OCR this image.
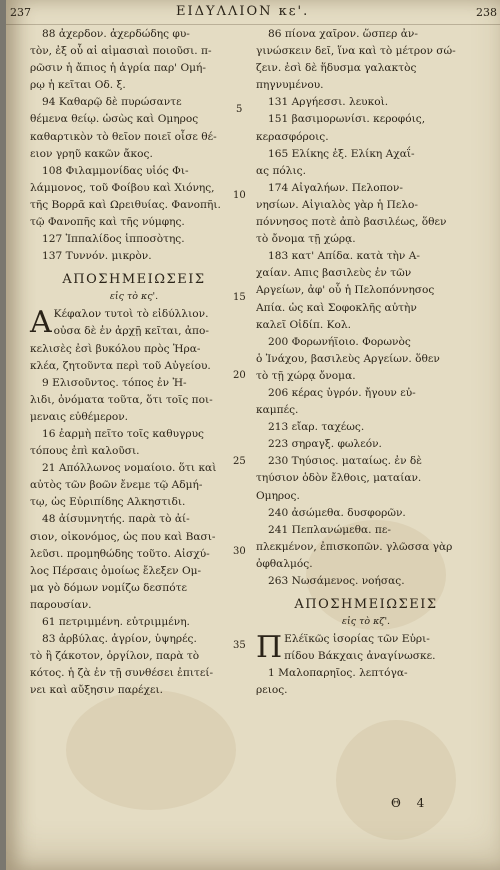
237	ΕΙΔΥΛΛΙΟΝ κε'.	238
88 ἀχερδον. ἀχερδώδης φυ-
τὸν, ἐξ οὗ αἱ αἱμασιαὶ ποιοῦσι. π-
ρῶσιν ἡ ἄπιος ἡ ἀγρία παρ' Ομή-
ρῳ ἡ κεῖται Οδ. ξ.
94 Καθαρῷ δὲ πυρώσαντε
θέμενα θείῳ. ὡσὼς καὶ Ομηρος
καθαρτικὸν τὸ θεῖον ποιεῖ οἶσε θέ-
ειον γρηῦ κακῶν ἄκος.
108 Φιλαμμονίδας υἱός Φι-
λάμμονος, τοῦ Φοίβου καὶ Χιόνης,
τῆς Βορρᾶ καὶ Ωρειθυίας. Φανοπῆι.
τῷ Φανοπῆς καὶ τῆς νύμφης.
127 Ἱππαλίδος ἱπποσὸτης.
137 Τυννόν. μικρὸν.
ΑΠΟΣΗΜΕΙΩΣΕΙΣ
εἰς τὸ κς'.
Α Κέφαλον τυτοὶ τὸ εἰδύλλιον.
οὐσα δὲ ἐν ἀρχῇ κεῖται, ἀπο-
κελισὲς ἐσὶ βυκόλου πρὸς Ἡρα-
κλέα, ζητοῦντα περὶ τοῦ Αὐγείου.
9 Ελισοῦντος. τόπος ἐν Ἠ-
λιδι, ὀνόματα τοῦτα, ὅτι τοῖς ποι-
μεναις εὐθέμερον.
16 ἐαρμὴ πεῖτο τοῖς καθυγρυς
τόπους ἐπὶ καλοῦσι.
21 Απόλλωνος νομαίοιο. ὅτι καὶ
αὐτὸς τῶν βοῶν ἔνεμε τῷ Αδμή-
τῳ, ὡς Εὐριπίδης Αλκηστιδι.
48 ἀίσυμνητής. παρὰ τὸ ἀί-
σιον, οἰκονόμος, ὡς που καὶ Βασι-
λεῦσι. προμηθώδης τοῦτο. Αἰσχύ-
λος Πέρσαις ὁμοίως ἔλεξεν Ομ-
μα γὸ δόμων νομίζω δεσπότε
παρουσίαν.
61 πετριμμένη. εὐτριμμένη.
83 ἀρβύλας. ἀγρίον, ὑψηρές.
τὸ ἢ ζάκοτον, ὀργίλον, παρὰ τὸ
κότος. ἡ ζὰ ἐν τῇ συνθέσει ἐπιτεί-
νει καὶ αὔξησιν παρέχει.
5
10
15
20
25
30
35
86 πίονα χαῖρον. ὥσπερ ἀν-
γινώσκειν δεῖ, ἵνα καὶ τὸ μέτρον σώ-
ζειν. ἐσὶ δὲ ἥδυσμα γαλακτὸς
πηγνυμένου.
131 Αργήεσσι. λευκοὶ.
151 βασιμορωνίσι. κεροφόις,
κερασφόροις.
165 Ελίκης ἐξ. Ελίκη Αχαΐ-
ας πόλις.
174 Αἰγαλήων. Πελοπον-
νησίων. Αἰγιαλὸς γὰρ ἡ Πελο-
πόννησος ποτὲ ἀπὸ βασιλέως, ὅθεν
τὸ ὄνομα τῇ χώρᾳ.
183 κατ' Απίδα. κατὰ τὴν Α-
χαίαν. Απις βασιλεὺς ἐν τῶν
Αργείων, ἀφ' οὗ ἡ Πελοπόννησος
Απία. ὡς καὶ Σοφοκλῆς αὐτὴν
καλεῖ Οἰδίπ. Κολ.
200 Φορωνήϊοιο. Φορωνὸς
ὁ Ἰνάχου, βασιλεὺς Αργείων. ὅθεν
τὸ τῇ χώρᾳ ὄνομα.
206 κέρας ὑγρόν. ἤγουν εὐ-
καμπές.
213 εἴαρ. ταχέως.
223 σηραγξ. φωλεόν.
230 Τηύσιος. ματαίως. ἐν δὲ
τηύσιον ὁδὸν ἔλθοις, ματαίαν.
Ομηρος.
240 ἀσώμεθα. δυσφορῶν.
241 Πεπλανώμεθα. πε-
πλεκμένον, ἐπισκοπῶν. γλῶσσα γὰρ
ὀφθαλμός.
263 Νωσάμενος. νοήσας.
ΑΠΟΣΗΜΕΙΩΣΕΙΣ
εἰς τὸ κζ'.
Π Ελέϊκῶς ἱσορίας τῶν Εὐρι-
πίδου Βάκχαις ἀναγίνωσκε.
1 Μαλοπαρηῖος. λεπτόγα-
ρειος.
Θ 4
